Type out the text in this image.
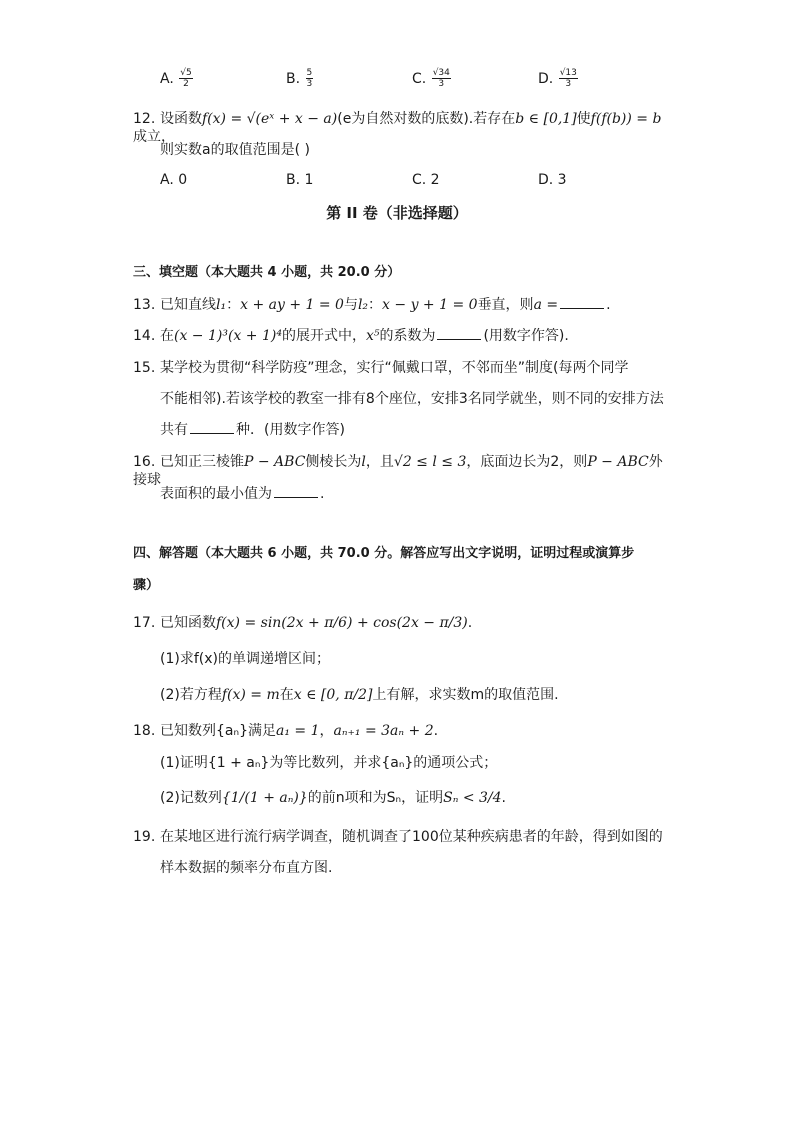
A.
$\frac{√5}{2}$	B.
$\frac{5}{3}$	C.
$\frac{√34}{3}$	D.
$\frac{√13}{3}$
12. 设函数f(x) = √(eˣ + x − a)(e为自然对数的底数).若存在b ∈ [0,1]使f(f(b)) = b成立，
则实数a的取值范围是( )
A. 0	B. 1	C. 2	D. 3
第 II 卷（非选择题）
三、填空题（本大题共 4 小题，共 20.0 分）
13. 已知直线l₁：x + ay + 1 = 0与l₂：x − y + 1 = 0垂直，则a =	.
14. 在(x − 1)³(x + 1)⁴的展开式中，x⁵的系数为	(用数字作答).
15. 某学校为贯彻“科学防疫”理念，实行“佩戴口罩，不邻而坐”制度(每两个同学
不能相邻).若该学校的教室一排有8个座位，安排3名同学就坐，则不同的安排方法
共有	种．(用数字作答)
16. 已知正三棱锥P − ABC侧棱长为l，且√2 ≤ l ≤ 3，底面边长为2，则P − ABC外接球
表面积的最小值为	.
四、解答题（本大题共 6 小题，共 70.0 分。解答应写出文字说明，证明过程或演算步
骤）
17. 已知函数f(x) = sin(2x + π/6) + cos(2x − π/3).
(1)求f(x)的单调递增区间；
(2)若方程f(x) = m在x ∈ [0, π/2]上有解，求实数m的取值范围.
18. 已知数列{aₙ}满足a₁ = 1，aₙ₊₁ = 3aₙ + 2.
(1)证明{1 + aₙ}为等比数列，并求{aₙ}的通项公式；
(2)记数列{1/(1 + aₙ)}的前n项和为Sₙ，证明Sₙ < 3/4.
19. 在某地区进行流行病学调查，随机调查了100位某种疾病患者的年龄，得到如图的
样本数据的频率分布直方图.
